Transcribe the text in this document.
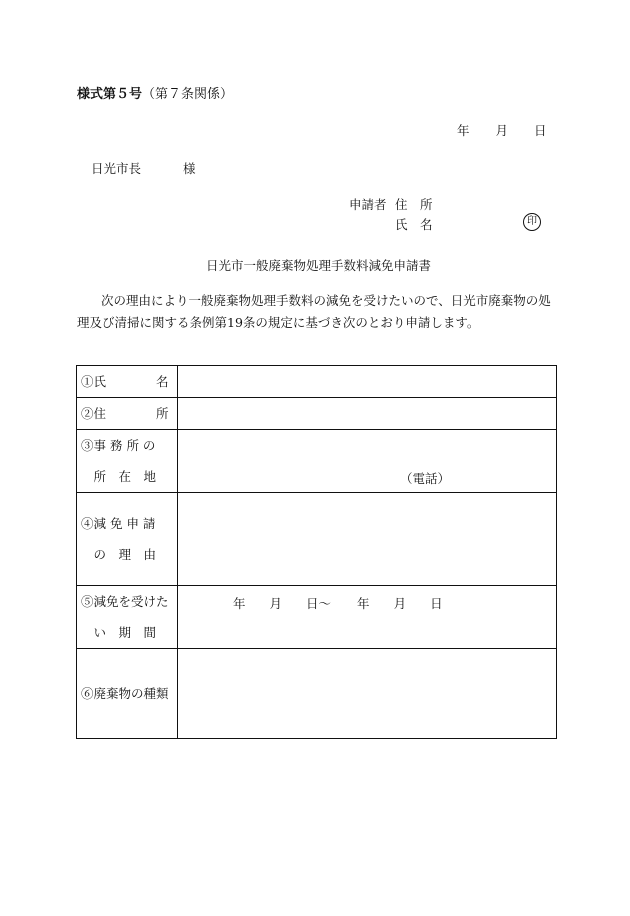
様式第５号（第７条関係）
年 月 日
日光市長	様
申請者 住　所
氏　名	印
日光市一般廃棄物処理手数料減免申請書
次の理由により一般廃棄物処理手数料の減免を受けたいので、日光市廃棄物の処理及び清掃に関する条例第19条の規定に基づき次のとおり申請します。
①氏　　　　名	
②住　　　　所	

③事 務 所 の
　所　在　地	（電話）

④減 免 申 請
　の　理　由	

⑤減免を受けた
　い　期　間	年 月 日～ 年 月 日

⑥廃棄物の種類	
